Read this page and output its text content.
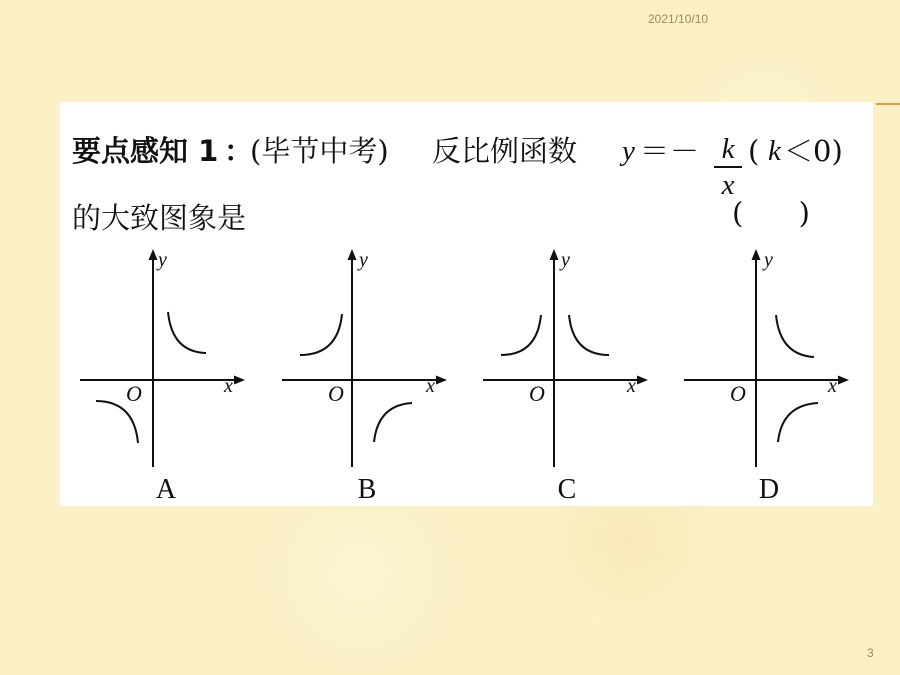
2021/10/10
要点感知 1 ：
(毕节中考) 反比例函数 y ＝ － k
x
( k ＜0)
的大致图象是	(      )
y
x
O
y
x
O
y
x
O
y
x
O
A	B	C	D
3
